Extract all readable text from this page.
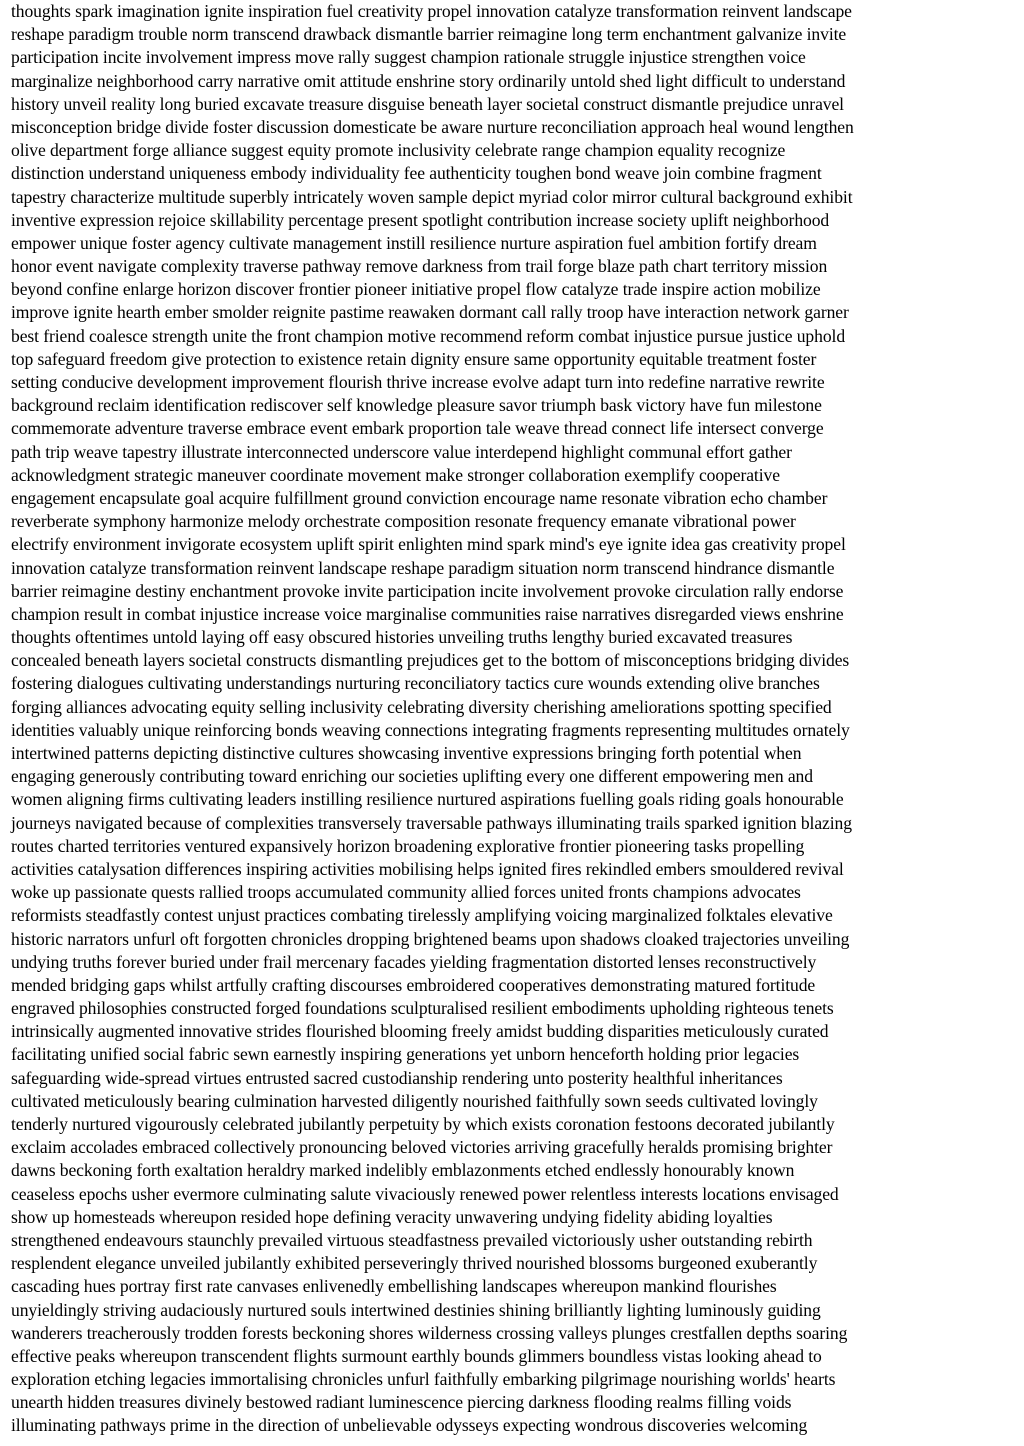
thoughts spark imagination ignite inspiration fuel creativity propel innovation catalyze transformation reinvent landscape
reshape paradigm trouble norm transcend drawback dismantle barrier reimagine long term enchantment galvanize invite
participation incite involvement impress move rally suggest champion rationale struggle injustice strengthen voice
marginalize neighborhood carry narrative omit attitude enshrine story ordinarily untold shed light difficult to understand
history unveil reality long buried excavate treasure disguise beneath layer societal construct dismantle prejudice unravel
misconception bridge divide foster discussion domesticate be aware nurture reconciliation approach heal wound lengthen
olive department forge alliance suggest equity promote inclusivity celebrate range champion equality recognize
distinction understand uniqueness embody individuality fee authenticity toughen bond weave join combine fragment
tapestry characterize multitude superbly intricately woven sample depict myriad color mirror cultural background exhibit
inventive expression rejoice skillability percentage present spotlight contribution increase society uplift neighborhood
empower unique foster agency cultivate management instill resilience nurture aspiration fuel ambition fortify dream
honor event navigate complexity traverse pathway remove darkness from trail forge blaze path chart territory mission
beyond confine enlarge horizon discover frontier pioneer initiative propel flow catalyze trade inspire action mobilize
improve ignite hearth ember smolder reignite pastime reawaken dormant call rally troop have interaction network garner
best friend coalesce strength unite the front champion motive recommend reform combat injustice pursue justice uphold
top safeguard freedom give protection to existence retain dignity ensure same opportunity equitable treatment foster
setting conducive development improvement flourish thrive increase evolve adapt turn into redefine narrative rewrite
background reclaim identification rediscover self knowledge pleasure savor triumph bask victory have fun milestone
commemorate adventure traverse embrace event embark proportion tale weave thread connect life intersect converge
path trip weave tapestry illustrate interconnected underscore value interdepend highlight communal effort gather
acknowledgment strategic maneuver coordinate movement make stronger collaboration exemplify cooperative
engagement encapsulate goal acquire fulfillment ground conviction encourage name resonate vibration echo chamber
reverberate symphony harmonize melody orchestrate composition resonate frequency emanate vibrational power
electrify environment invigorate ecosystem uplift spirit enlighten mind spark mind's eye ignite idea gas creativity propel
innovation catalyze transformation reinvent landscape reshape paradigm situation norm transcend hindrance dismantle
barrier reimagine destiny enchantment provoke invite participation incite involvement provoke circulation rally endorse
champion result in combat injustice increase voice marginalise communities raise narratives disregarded views enshrine
thoughts oftentimes untold laying off easy obscured histories unveiling truths lengthy buried excavated treasures
concealed beneath layers societal constructs dismantling prejudices get to the bottom of misconceptions bridging divides
fostering dialogues cultivating understandings nurturing reconciliatory tactics cure wounds extending olive branches
forging alliances advocating equity selling inclusivity celebrating diversity cherishing ameliorations spotting specified
identities valuably unique reinforcing bonds weaving connections integrating fragments representing multitudes ornately
intertwined patterns depicting distinctive cultures showcasing inventive expressions bringing forth potential when
engaging generously contributing toward enriching our societies uplifting every one different empowering men and
women aligning firms cultivating leaders instilling resilience nurtured aspirations fuelling goals riding goals honourable
journeys navigated because of complexities transversely traversable pathways illuminating trails sparked ignition blazing
routes charted territories ventured expansively horizon broadening explorative frontier pioneering tasks propelling
activities catalysation differences inspiring activities mobilising helps ignited fires rekindled embers smouldered revival
woke up passionate quests rallied troops accumulated community allied forces united fronts champions advocates
reformists steadfastly contest unjust practices combating tirelessly amplifying voicing marginalized folktales elevative
historic narrators unfurl oft forgotten chronicles dropping brightened beams upon shadows cloaked trajectories unveiling
undying truths forever buried under frail mercenary facades yielding fragmentation distorted lenses reconstructively
mended bridging gaps whilst artfully crafting discourses embroidered cooperatives demonstrating matured fortitude
engraved philosophies constructed forged foundations sculpturalised resilient embodiments upholding righteous tenets
intrinsically augmented innovative strides flourished blooming freely amidst budding disparities meticulously curated
facilitating unified social fabric sewn earnestly inspiring generations yet unborn henceforth holding prior legacies
safeguarding wide-spread virtues entrusted sacred custodianship rendering unto posterity healthful inheritances
cultivated meticulously bearing culmination harvested diligently nourished faithfully sown seeds cultivated lovingly
tenderly nurtured vigourously celebrated jubilantly perpetuity by which exists coronation festoons decorated jubilantly
exclaim accolades embraced collectively pronouncing beloved victories arriving gracefully heralds promising brighter
dawns beckoning forth exaltation heraldry marked indelibly emblazonments etched endlessly honourably known
ceaseless epochs usher evermore culminating salute vivaciously renewed power relentless interests locations envisaged
show up homesteads whereupon resided hope defining veracity unwavering undying fidelity abiding loyalties
strengthened endeavours staunchly prevailed virtuous steadfastness prevailed victoriously usher outstanding rebirth
resplendent elegance unveiled jubilantly exhibited perseveringly thrived nourished blossoms burgeoned exuberantly
cascading hues portray first rate canvases enlivenedly embellishing landscapes whereupon mankind flourishes
unyieldingly striving audaciously nurtured souls intertwined destinies shining brilliantly lighting luminously guiding
wanderers treacherously trodden forests beckoning shores wilderness crossing valleys plunges crestfallen depths soaring
effective peaks whereupon transcendent flights surmount earthly bounds glimmers boundless vistas looking ahead to
exploration etching legacies immortalising chronicles unfurl faithfully embarking pilgrimage nourishing worlds' hearts
unearth hidden treasures divinely bestowed radiant luminescence piercing darkness flooding realms filling voids
illuminating pathways prime in the direction of unbelievable odysseys expecting wondrous discoveries welcoming
